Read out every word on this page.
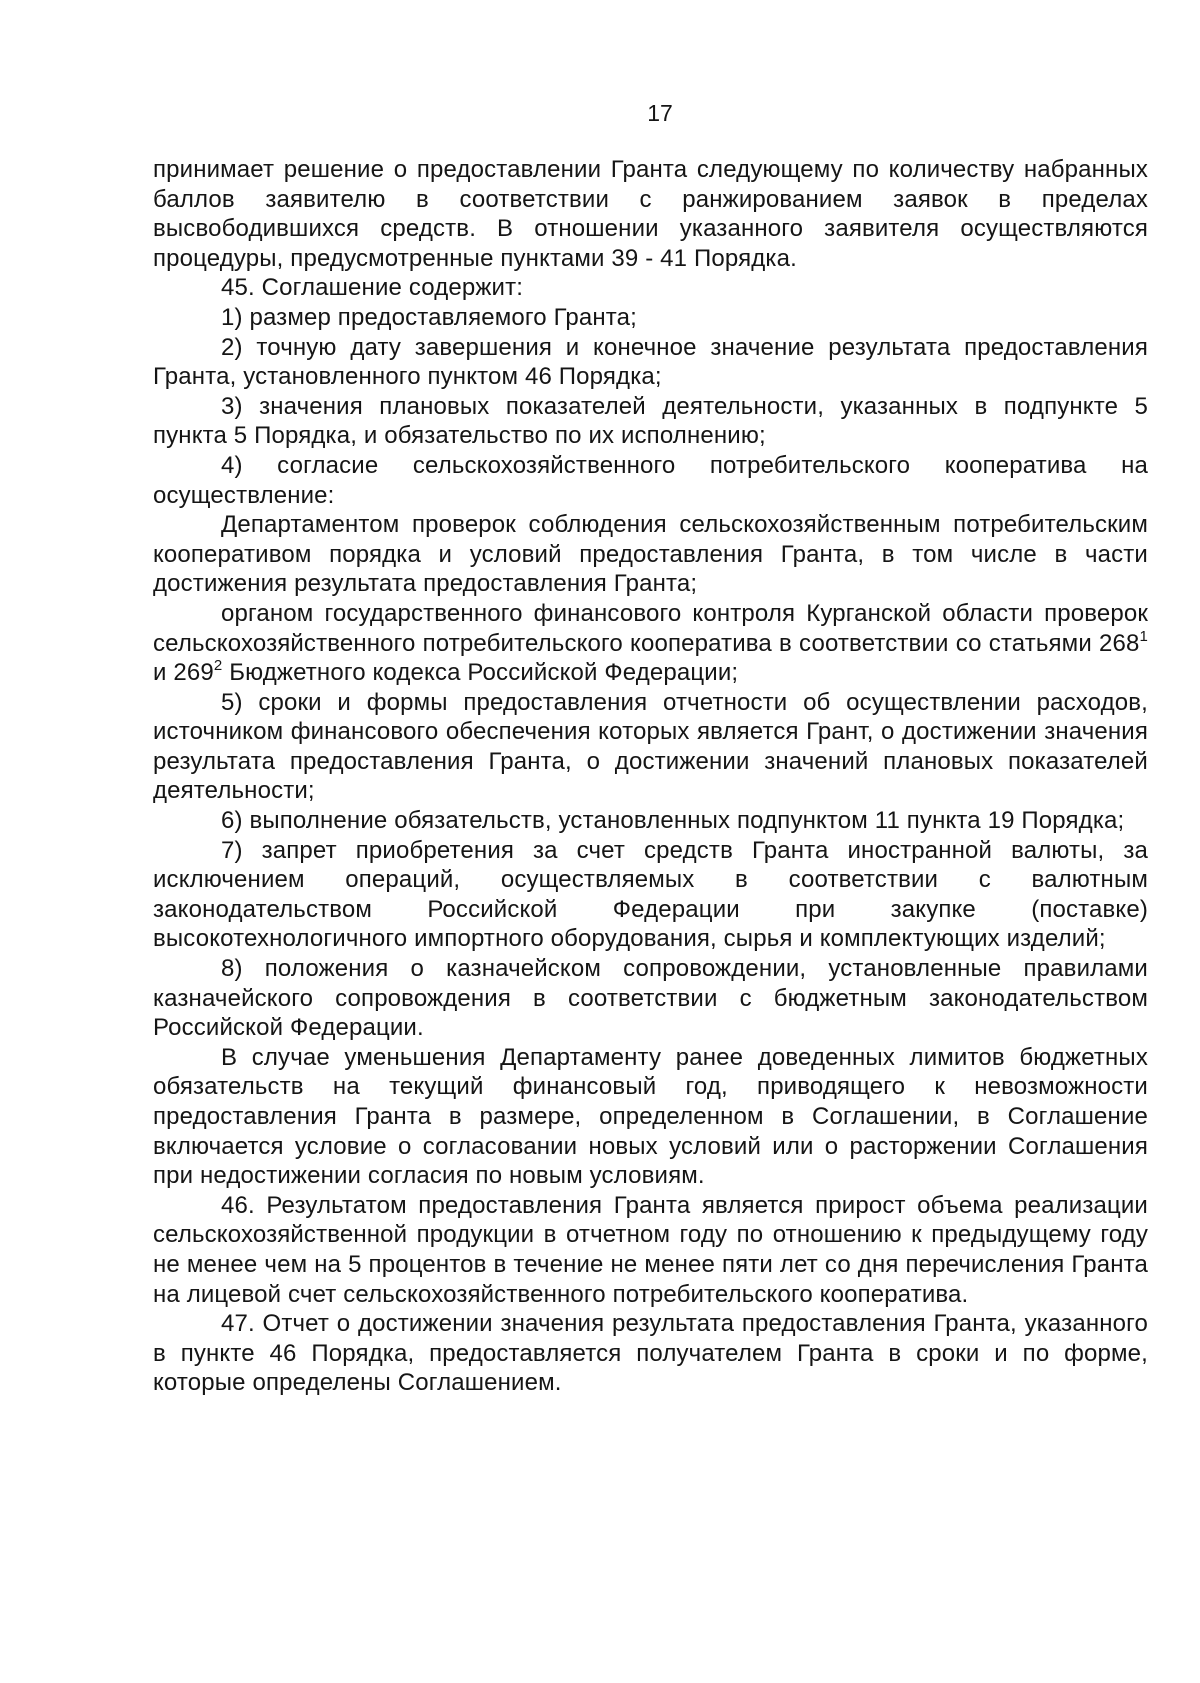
17

принимает решение о предоставлении Гранта следующему по количеству набранных баллов заявителю в соответствии с ранжированием заявок в пределах высвободившихся средств. В отношении указанного заявителя осуществляются процедуры, предусмотренные пунктами 39 - 41 Порядка.

45. Соглашение содержит:

1) размер предоставляемого Гранта;

2) точную дату завершения и конечное значение результата предоставления Гранта, установленного пунктом 46 Порядка;

3) значения плановых показателей деятельности, указанных в подпункте 5 пункта 5 Порядка, и обязательство по их исполнению;

4) согласие сельскохозяйственного потребительского кооператива на осуществление:

Департаментом проверок соблюдения сельскохозяйственным потребительским кооперативом порядка и условий предоставления Гранта, в том числе в части достижения результата предоставления Гранта;

органом государственного финансового контроля Курганской области проверок сельскохозяйственного потребительского кооператива в соответствии со статьями $268^1$ и $269^2$ Бюджетного кодекса Российской Федерации;

5) сроки и формы предоставления отчетности об осуществлении расходов, источником финансового обеспечения которых является Грант, о достижении значения результата предоставления Гранта, о достижении значений плановых показателей деятельности;

6) выполнение обязательств, установленных подпунктом 11 пункта 19 Порядка;

7) запрет приобретения за счет средств Гранта иностранной валюты, за исключением операций, осуществляемых в соответствии с валютным законодательством Российской Федерации при закупке (поставке) высокотехнологичного импортного оборудования, сырья и комплектующих изделий;

8) положения о казначейском сопровождении, установленные правилами казначейского сопровождения в соответствии с бюджетным законодательством Российской Федерации.

В случае уменьшения Департаменту ранее доведенных лимитов бюджетных обязательств на текущий финансовый год, приводящего к невозможности предоставления Гранта в размере, определенном в Соглашении, в Соглашение включается условие о согласовании новых условий или о расторжении Соглашения при недостижении согласия по новым условиям.

46. Результатом предоставления Гранта является прирост объема реализации сельскохозяйственной продукции в отчетном году по отношению к предыдущему году не менее чем на 5 процентов в течение не менее пяти лет со дня перечисления Гранта на лицевой счет сельскохозяйственного потребительского кооператива.

47. Отчет о достижении значения результата предоставления Гранта, указанного в пункте 46 Порядка, предоставляется получателем Гранта в сроки и по форме, которые определены Соглашением.
